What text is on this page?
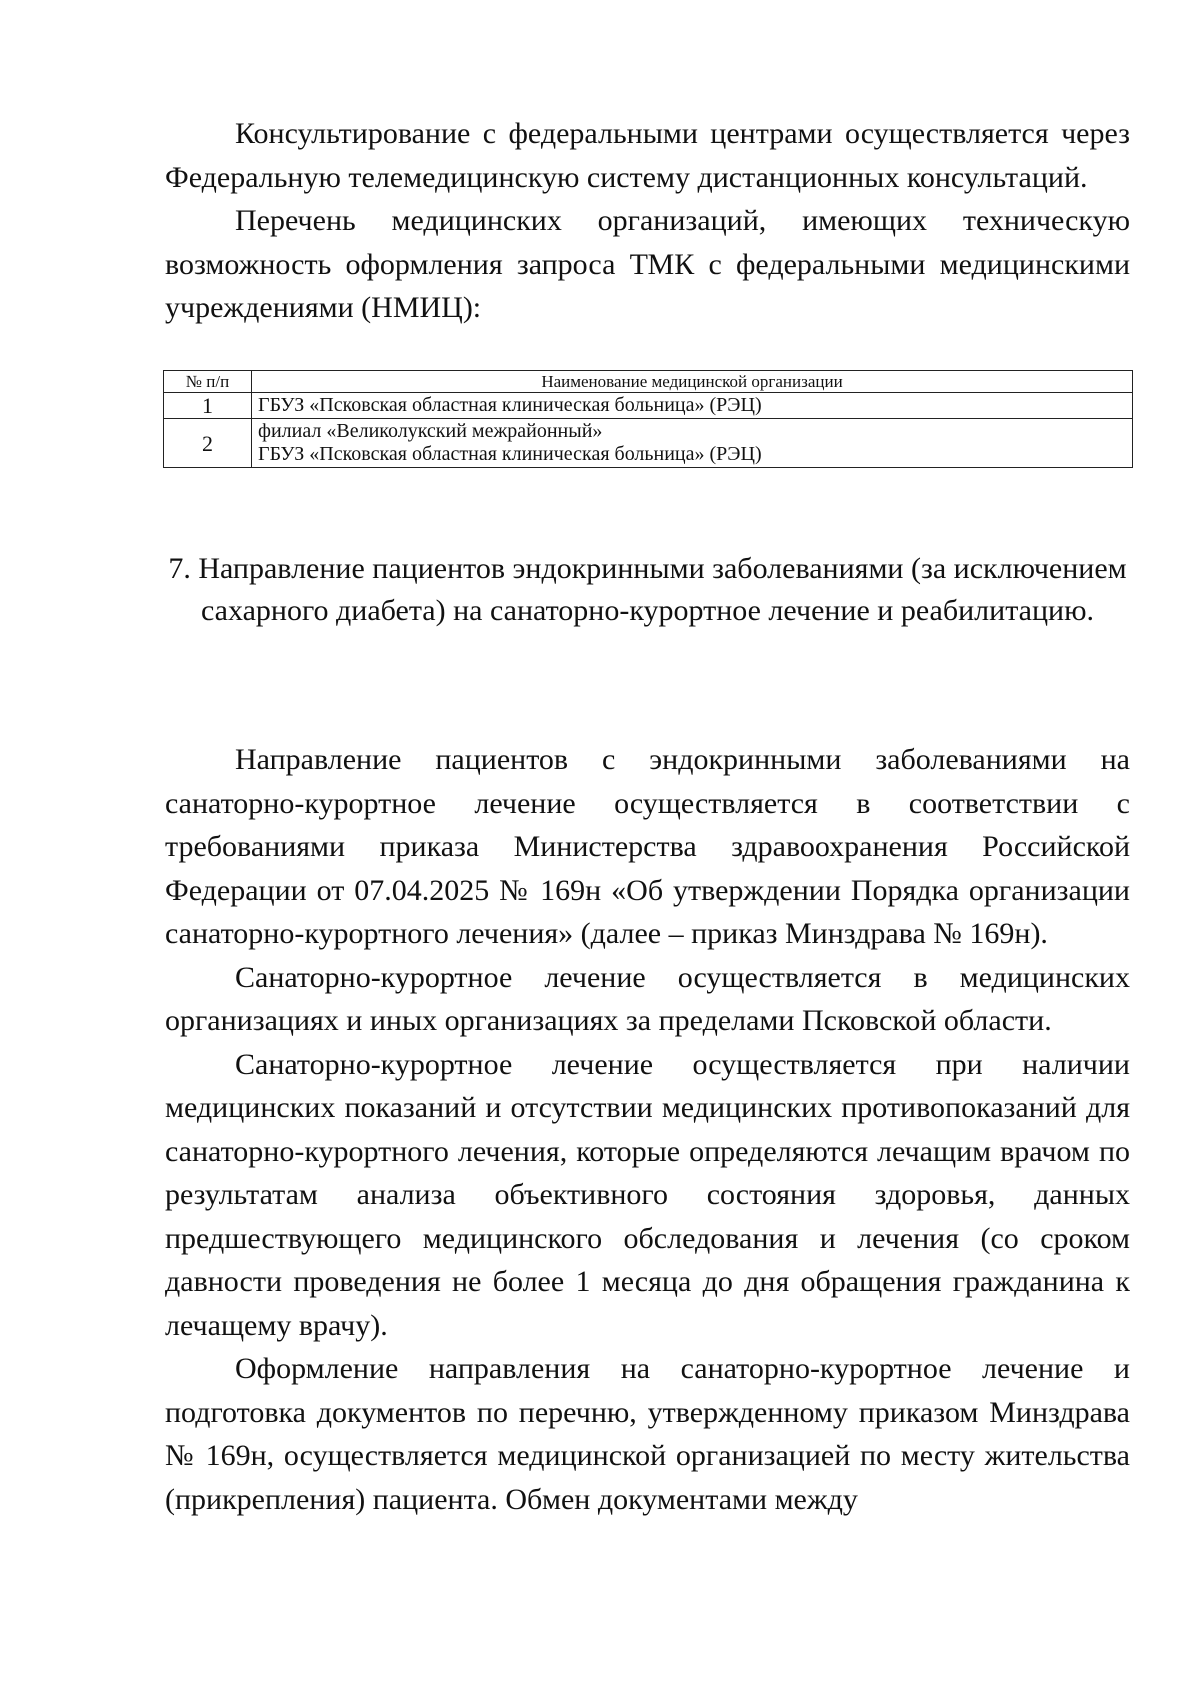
Консультирование с федеральными центрами осуществляется через Федеральную телемедицинскую систему дистанционных консультаций.

Перечень медицинских организаций, имеющих техническую возможность оформления запроса ТМК с федеральными медицинскими учреждениями (НМИЦ):

№ п/п	Наименование медицинской организации
1	ГБУЗ «Псковская областная клиническая больница» (РЭЦ)

2	филиал «Великолукский межрайонный»
ГБУЗ «Псковская областная клиническая больница» (РЭЦ)
7. Направление пациентов эндокринными заболеваниями (за исключением сахарного диабета) на санаторно-курортное лечение и реабилитацию.

Направление пациентов с эндокринными заболеваниями на санаторно-курортное лечение осуществляется в соответствии с требованиями приказа Министерства здравоохранения Российской Федерации от 07.04.2025 № 169н «Об утверждении Порядка организации санаторно-курортного лечения» (далее – приказ Минздрава № 169н).

Санаторно-курортное лечение осуществляется в медицинских организациях и иных организациях за пределами Псковской области.

Санаторно-курортное лечение осуществляется при наличии медицинских показаний и отсутствии медицинских противопоказаний для санаторно-курортного лечения, которые определяются лечащим врачом по результатам анализа объективного состояния здоровья, данных предшествующего медицинского обследования и лечения (со сроком давности проведения не более 1 месяца до дня обращения гражданина к лечащему врачу).

Оформление направления на санаторно-курортное лечение и подготовка документов по перечню, утвержденному приказом Минздрава № 169н, осуществляется медицинской организацией по месту жительства (прикрепления) пациента. Обмен документами между
